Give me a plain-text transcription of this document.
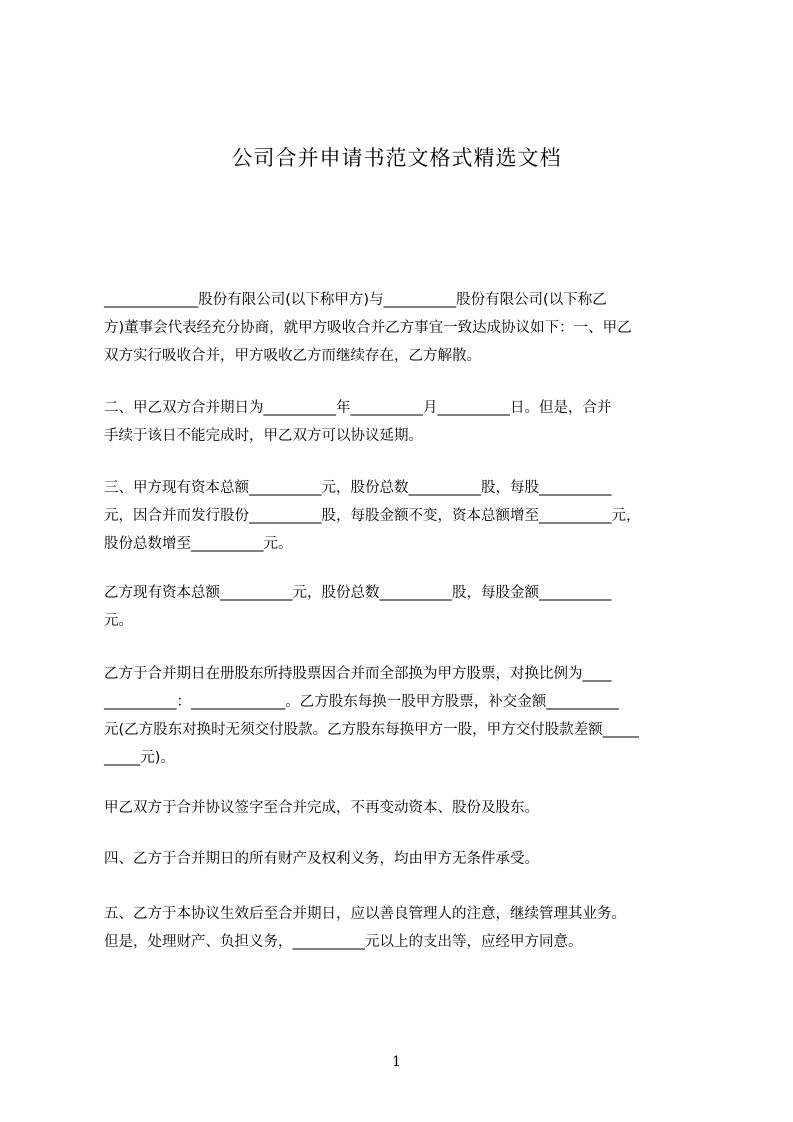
公司合并申请书范文格式精选文档
_____________股份有限公司(以下称甲方)与__________股份有限公司(以下称乙
方)董事会代表经充分协商，就甲方吸收合并乙方事宜一致达成协议如下：一、甲乙
双方实行吸收合并，甲方吸收乙方而继续存在，乙方解散。
二、甲乙双方合并期日为__________年__________月__________日。但是，合并
手续于该日不能完成时，甲乙双方可以协议延期。
三、甲方现有资本总额__________元，股份总数__________股，每股__________
元，因合并而发行股份__________股，每股金额不变，资本总额增至__________元，
股份总数增至__________元。
乙方现有资本总额__________元，股份总数__________股，每股金额__________
元。
乙方于合并期日在册股东所持股票因合并而全部换为甲方股票，对换比例为____
__________：_____________。乙方股东每换一股甲方股票，补交金额__________
元(乙方股东对换时无须交付股款。乙方股东每换甲方一股，甲方交付股款差额_____
_____元)。
甲乙双方于合并协议签字至合并完成，不再变动资本、股份及股东。
四、乙方于合并期日的所有财产及权利义务，均由甲方无条件承受。
五、乙方于本协议生效后至合并期日，应以善良管理人的注意，继续管理其业务。
但是，处理财产、负担义务，__________元以上的支出等，应经甲方同意。
1
